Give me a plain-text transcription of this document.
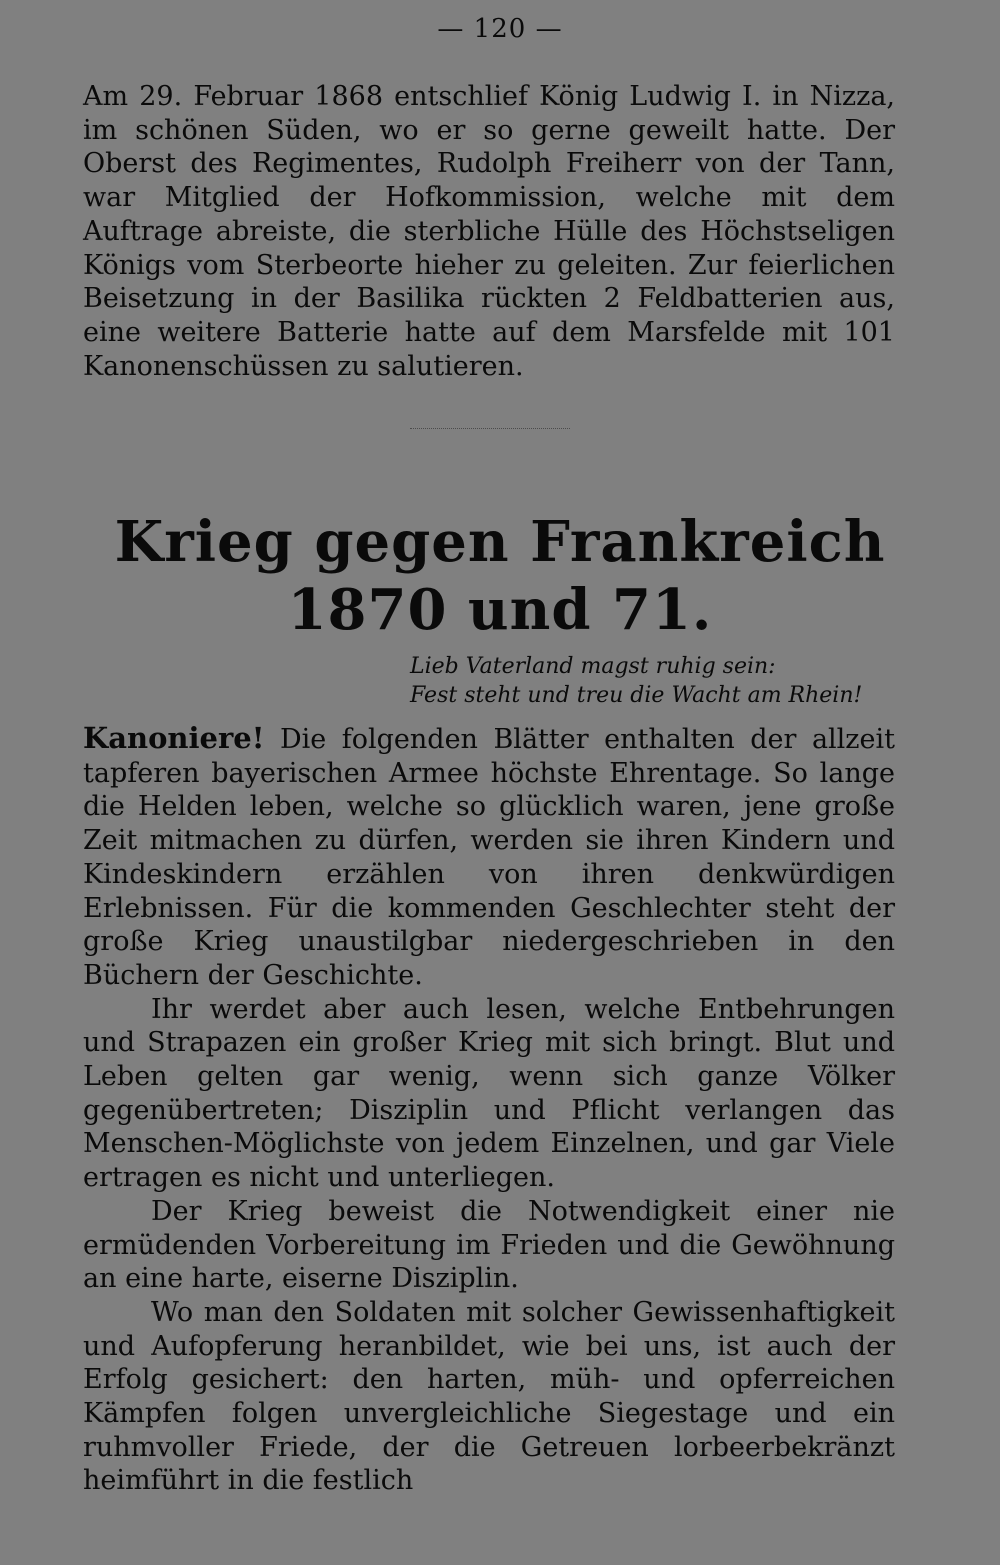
— 120 —

Am 29. Februar 1868 entschlief König Ludwig I. in Nizza, im schönen Süden, wo er so gerne geweilt hatte. Der Oberst des Regimentes, Rudolph Freiherr von der Tann, war Mitglied der Hofkommission, welche mit dem Auftrage abreiste, die sterbliche Hülle des Höchstseligen Königs vom Sterbeorte hieher zu geleiten. Zur feierlichen Beisetzung in der Basilika rückten 2 Feldbatterien aus, eine weitere Batterie hatte auf dem Marsfelde mit 101 Kanonenschüssen zu salutieren.

Krieg gegen Frankreich
1870 und 71.
Lieb Vaterland magst ruhig sein:
Fest steht und treu die Wacht am Rhein!

Kanoniere! Die folgenden Blätter enthalten der allzeit tapferen bayerischen Armee höchste Ehrentage. So lange die Helden leben, welche so glücklich waren, jene große Zeit mitmachen zu dürfen, werden sie ihren Kindern und Kindeskindern erzählen von ihren denkwürdigen Erlebnissen. Für die kommenden Geschlechter steht der große Krieg unaustilgbar niedergeschrieben in den Büchern der Geschichte.

Ihr werdet aber auch lesen, welche Entbehrungen und Strapazen ein großer Krieg mit sich bringt. Blut und Leben gelten gar wenig, wenn sich ganze Völker gegenübertreten; Disziplin und Pflicht verlangen das Menschen-Möglichste von jedem Einzelnen, und gar Viele ertragen es nicht und unterliegen.

Der Krieg beweist die Notwendigkeit einer nie ermüdenden Vorbereitung im Frieden und die Gewöhnung an eine harte, eiserne Disziplin.

Wo man den Soldaten mit solcher Gewissenhaftigkeit und Aufopferung heranbildet, wie bei uns, ist auch der Erfolg gesichert: den harten, müh- und opferreichen Kämpfen folgen unvergleichliche Siegestage und ein ruhmvoller Friede, der die Getreuen lorbeerbekränzt heimführt in die festlich
